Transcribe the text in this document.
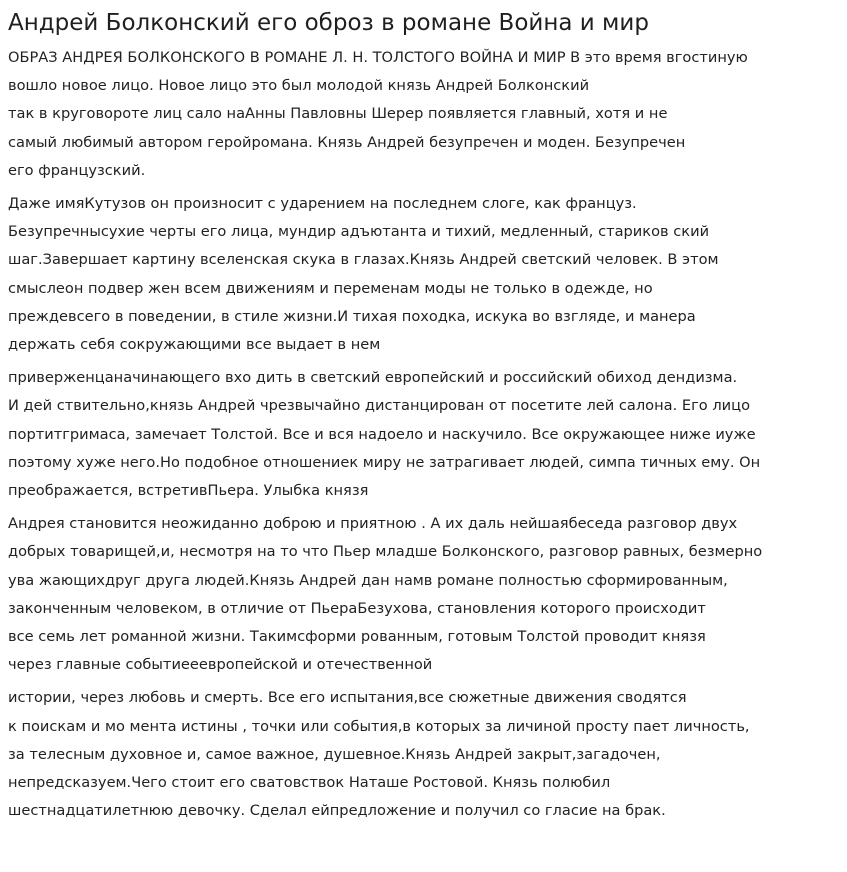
Андрей Болконский его оброз в романе Война и мир
ОБРАЗ АНДРЕЯ БОЛКОНСКОГО В РОМАНЕ Л. Н. ТОЛСТОГО ВОЙНА И МИР В это время вгостиную
вошло новое лицо. Новое лицо это был молодой князь Андрей Болконский
так в круговороте лиц сало наАнны Павловны Шерер появляется главный, хотя и не
самый любимый автором геройромана. Князь Андрей безупречен и моден. Безупречен
его французский.
Даже имяКутузов он произносит с ударением на последнем слоге, как француз.
Безупречнысухие черты его лица, мундир адъютанта и тихий, медленный, стариков ский
шаг.Завершает картину вселенская скука в глазах.Князь Андрей светский человек. В этом
смыслеон подвер жен всем движениям и переменам моды не только в одежде, но
преждевсего в поведении, в стиле жизни.И тихая походка, искука во взгляде, и манера
держать себя сокружающими все выдает в нем
приверженцаначинающего вхо дить в светский европейский и российский обиход дендизма.
И дей ствительно,князь Андрей чрезвычайно дистанцирован от посетите лей салона. Его лицо
портитгримаса, замечает Толстой. Все и вся надоело и наскучило. Все окружающее ниже иуже
поэтому хуже него.Но подобное отношениек миру не затрагивает людей, симпа тичных ему. Он
преображается, встретивПьера. Улыбка князя
Андрея становится неожиданно доброю и приятною . А их даль нейшаябеседа разговор двух
добрых товарищей,и, несмотря на то что Пьер младше Болконского, разговор равных, безмерно
ува жающихдруг друга людей.Князь Андрей дан намв романе полностью сформированным,
законченным человеком, в отличие от ПьераБезухова, становления которого происходит
все семь лет романной жизни. Такимсформи рованным, готовым Толстой проводит князя
через главные событиееевропейской и отечественной
истории, через любовь и смерть. Все его испытания,все сюжетные движения сводятся
к поискам и мо мента истины , точки или события,в которых за личиной просту пает личность,
за телесным духовное и, самое важное, душевное.Князь Андрей закрыт,загадочен,
непредсказуем.Чего стоит его сватовствок Наташе Ростовой. Князь полюбил
шестнадцатилетнюю девочку. Сделал ейпредложение и получил со гласие на брак.
